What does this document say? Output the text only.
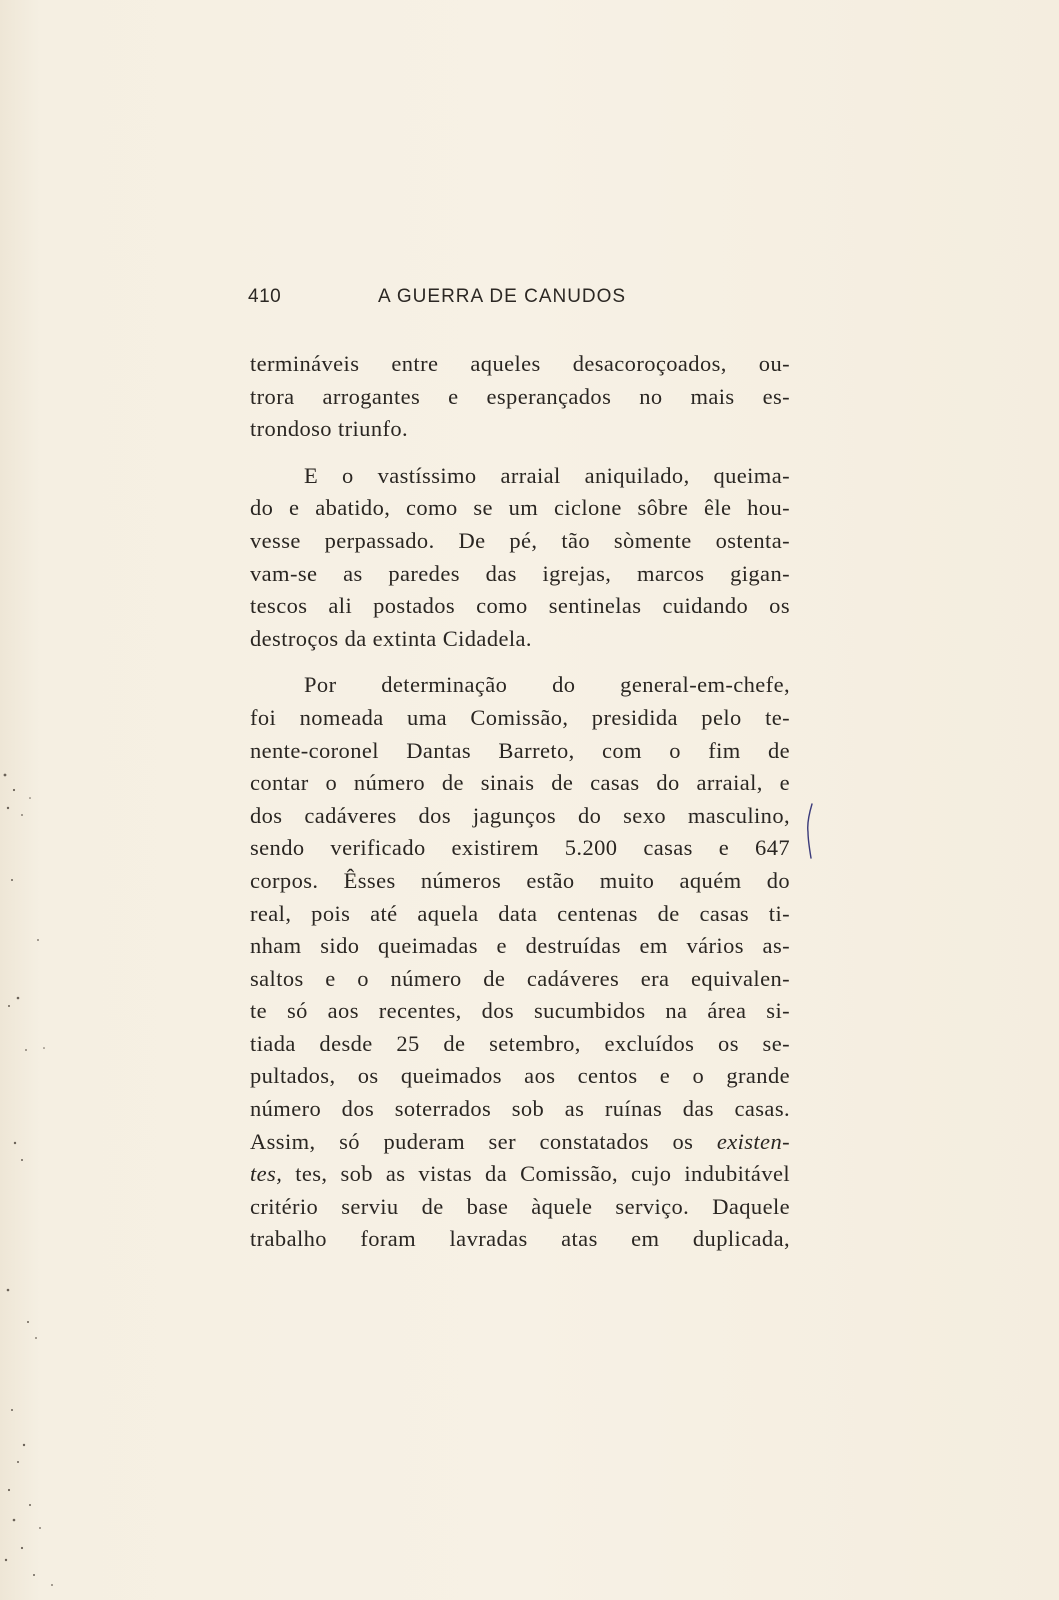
410	A GUERRA DE CANUDOS

termináveis entre aqueles desacoroçoados, ou-

trora arrogantes e esperançados no mais es-

trondoso triunfo.

E o vastíssimo arraial aniquilado, queima-

do e abatido, como se um ciclone sôbre êle hou-

vesse perpassado. De pé, tão sòmente ostenta-

vam-se as paredes das igrejas, marcos gigan-

tescos ali postados como sentinelas cuidando os

destroços da extinta Cidadela.

Por determinação do general-em-chefe,

foi nomeada uma Comissão, presidida pelo te-

nente-coronel Dantas Barreto, com o fim de

contar o número de sinais de casas do arraial, e

dos cadáveres dos jagunços do sexo masculino,

sendo verificado existirem 5.200 casas e 647

corpos. Êsses números estão muito aquém do

real, pois até aquela data centenas de casas ti-

nham sido queimadas e destruídas em vários as-

saltos e o número de cadáveres era equivalen-

te só aos recentes, dos sucumbidos na área si-

tiada desde 25 de setembro, excluídos os se-

pultados, os queimados aos centos e o grande

número dos soterrados sob as ruínas das casas.

Assim, só puderam ser constatados os existen-

tes, tes, sob as vistas da Comissão, cujo indubitável

critério serviu de base àquele serviço. Daquele

trabalho foram lavradas atas em duplicada,
